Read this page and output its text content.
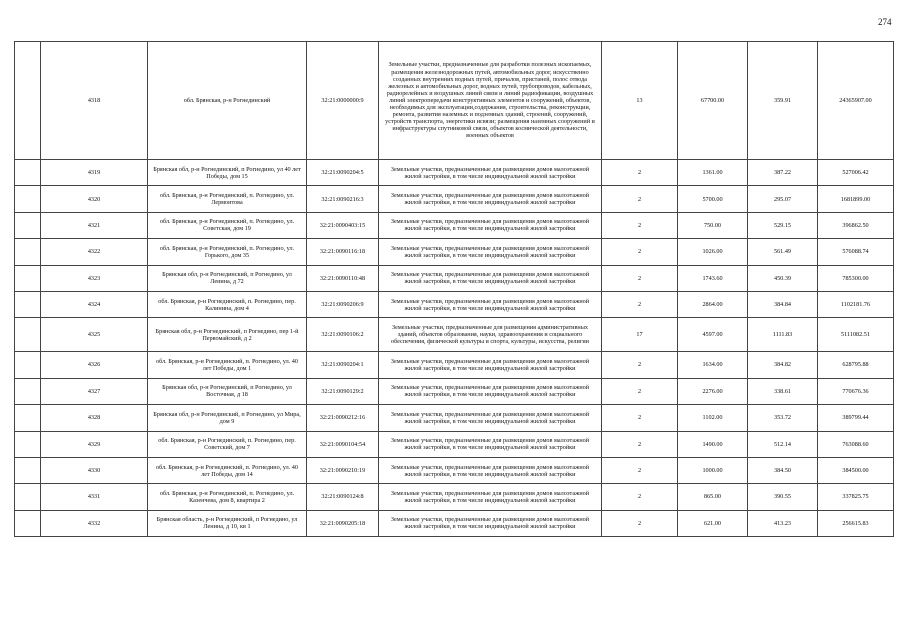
274
	4318	обл. Брянская, р-н Рогнединский	32:21:0000000:9	Земельные участки, предназначенные для разработки полезных ископаемых, размещения железнодорожных путей, автомобильных дорог, искусственно созданных внутренних водных путей, причалов, пристаней, полос отвода железных и автомобильных дорог, водных путей, трубопроводов, кабельных, радиорелейных и воздушных линий связи и линий радиофикации, воздушных линий электропередачи конструктивных элементов и сооружений, объектов, необходимых для эксплуатации,содержания, строительства, реконструкции, ремонта, развития наземных и подземных зданий, строений, сооружений, устройств транспорта, энергетики исвязи; размещения наземных сооружений и инфраструктуры спутниковой связи, объектов космической деятельности, военных объектов	13	67700.00	359.91	24365907.00
	4319	Брянская обл, р-н Рогнединский, п Рогнедино, ул 40 лет Победы, дом 15	32:21:0090204:5	Земельные участки, предназначенные для размещения домов малоэтажной жилой застройки, в том числе индивидуальной жилой застройки	2	1361.00	387.22	527006.42
	4320	обл. Брянская, р-н Рогнединский, п. Рогнедино, ул. Лермонтова	32:21:0090216:3	Земельные участки, предназначенные для размещения домов малоэтажной жилой застройки, в том числе индивидуальной жилой застройки	2	5700.00	295.07	1681899.00
	4321	обл. Брянская, р-н Рогнединский, п. Рогнедино, ул. Советская, дом 19	32:21:0090403:15	Земельные участки, предназначенные для размещения домов малоэтажной жилой застройки, в том числе индивидуальной жилой застройки	2	750.00	529.15	396862.50
	4322	обл. Брянская, р-н Рогнединский, п. Рогнедино, ул. Горького, дом 35	32:21:0090116:18	Земельные участки, предназначенные для размещения домов малоэтажной жилой застройки, в том числе индивидуальной жилой застройки	2	1026.00	561.49	576088.74
	4323	Брянская обл, р-н Рогнединский, п Рогнедино, ул Ленина, д 72	32:21:0090110:48	Земельные участки, предназначенные для размещения домов малоэтажной жилой застройки, в том числе индивидуальной жилой застройки	2	1743.60	450.39	785300.00
	4324	обл. Брянская, р-н Рогнединский, п. Рогнедино, пер. Калинина, дом 4	32:21:0090206:9	Земельные участки, предназначенные для размещения домов малоэтажной жилой застройки, в том числе индивидуальной жилой застройки	2	2864.00	384.84	1102181.76
	4325	Брянская обл, р-н Рогнединский, п Рогнедино, пер 1-й Первомайский, д 2	32:21:0090106:2	Земельные участки, предназначенные для размещения административных зданий, объектов образования, науки, здравоохранения и социального обеспечения, физической культуры и спорта, культуры, искусства, религии	17	4597.00	1111.83	5111082.51
	4326	обл. Брянская, р-н Рогнединский, п. Рогнедино, ул. 40 лет Победы, дом 1	32:21:0090204:1	Земельные участки, предназначенные для размещения домов малоэтажной жилой застройки, в том числе индивидуальной жилой застройки	2	1634.00	384.82	628795.88
	4327	Брянская обл, р-н Рогнединский, п Рогнедино, ул Восточная, д 18	32:21:0090129:2	Земельные участки, предназначенные для размещения домов малоэтажной жилой застройки, в том числе индивидуальной жилой застройки	2	2276.00	338.61	770676.36
	4328	Брянская обл, р-н Рогнединский, п Рогнедино, ул Мира, дом 9	32:21:0090212:16	Земельные участки, предназначенные для размещения домов малоэтажной жилой застройки, в том числе индивидуальной жилой застройки	2	1102.00	353.72	389799.44
	4329	обл. Брянская, р-н Рогнединский, п. Рогнедино, пер. Советский, дом 7	32:21:0090104:54	Земельные участки, предназначенные для размещения домов малоэтажной жилой застройки, в том числе индивидуальной жилой застройки	2	1490.00	512.14	763088.60
	4330	обл. Брянская, р-н Рогнединский, п. Рогнедино, ул. 40 лет Победы, дом 14	32:21:0090210:19	Земельные участки, предназначенные для размещения домов малоэтажной жилой застройки, в том числе индивидуальной жилой застройки	2	1000.00	384.50	384500.00
	4331	обл. Брянская, р-н Рогнединский, п. Рогнедино, ул. Казенчева, дом 8, квартира 2	32:21:0090124:8	Земельные участки, предназначенные для размещения домов малоэтажной жилой застройки, в том числе индивидуальной жилой застройки	2	865.00	390.55	337825.75
	4332	Брянская область, р-н Рогнединский, п Рогнедино, ул Ленина, д 10, кв 1	32:21:0090205:18	Земельные участки, предназначенные для размещения домов малоэтажной жилой застройки, в том числе индивидуальной жилой застройки	2	621.00	413.23	256615.83
